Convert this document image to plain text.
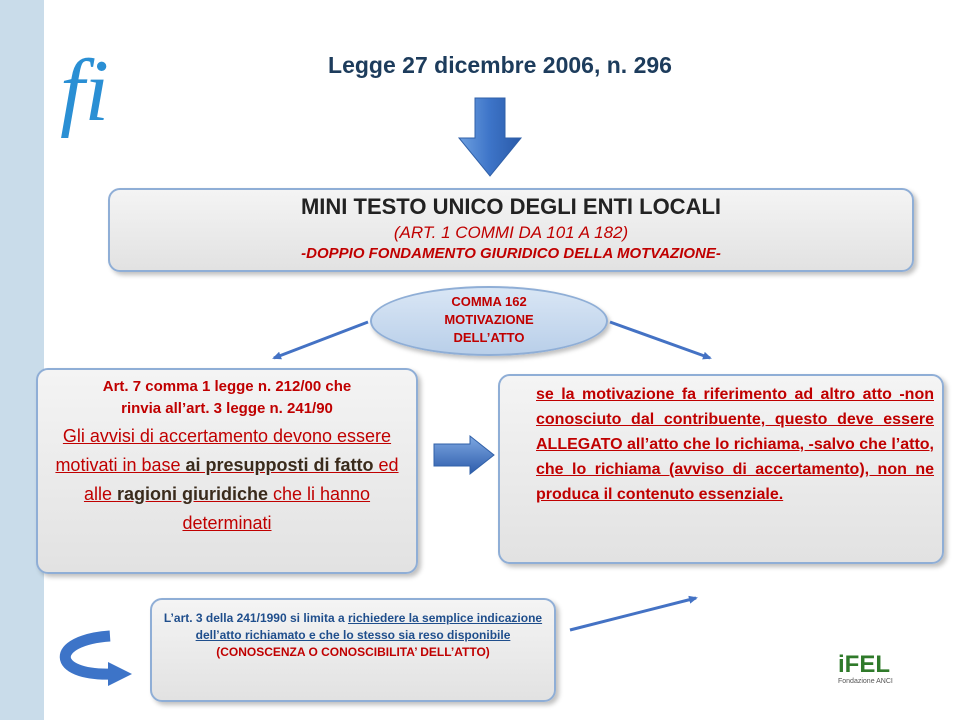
fi	Legge 27 dicembre 2006, n. 296
MINI TESTO UNICO DEGLI ENTI LOCALI
(ART. 1 COMMI DA 101 A 182)
-DOPPIO FONDAMENTO GIURIDICO DELLA MOTVAZIONE-
COMMA 162
MOTIVAZIONE
DELL’ATTO
Art. 7 comma 1 legge n. 212/00 che
rinvia all’art. 3 legge n. 241/90
Gli avvisi di accertamento devono essere motivati in base ai presupposti di fatto ed alle ragioni giuridiche che li hanno determinati
se la motivazione fa riferimento ad altro atto -non conosciuto dal contribuente, questo deve essere ALLEGATO all’atto che lo richiama, -salvo che l’atto, che lo richiama (avviso di accertamento), non ne produca il contenuto essenziale.
L’art. 3 della 241/1990 si limita a richiedere la semplice indicazione dell’atto richiamato e che lo stesso sia reso disponibile
(CONOSCENZA O CONOSCIBILITA’ DELL’ATTO)	iFEL
Fondazione ANCI
